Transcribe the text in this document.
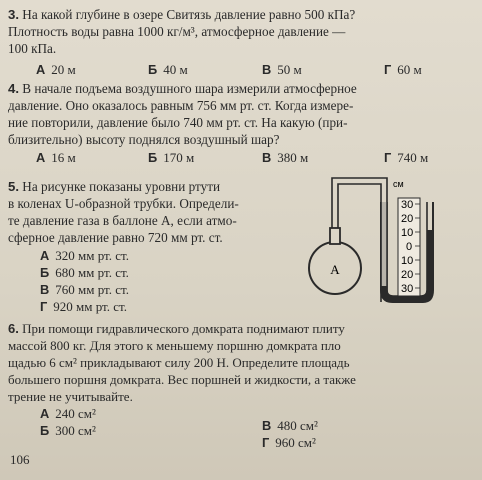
3. На какой глубине в озере Свитязь давление равно 500 кПа?
Плотность воды равна 1000 кг/м³, атмосферное давление —
100 кПа.
А 20 м	Б 40 м	В 50 м	Г 60 м
4. В начале подъема воздушного шара измерили атмосферное
давление. Оно оказалось равным 756 мм рт. ст. Когда измере-
ние повторили, давление было 740 мм рт. ст. На какую (при-
близительно) высоту поднялся воздушный шар?
А 16 м	Б 170 м	В 380 м	Г 740 м
5. На рисунке показаны уровни ртути
в коленах U-образной трубки. Определи-
те давление газа в баллоне А, если атмо-
сферное давление равно 720 мм рт. ст.
А 320 мм рт. ст.
Б 680 мм рт. ст.
В 760 мм рт. ст.
Г 920 мм рт. ст.
А
см
30
20
10
0
10
20
30
6. При помощи гидравлического домкрата поднимают плиту
массой 800 кг. Для этого к меньшему поршню домкрата пло
щадью 6 см² прикладывают силу 200 Н. Определите площадь
большего поршня домкрата. Вес поршней и жидкости, а также
трение не учитывайте.
А 240 см²
Б 300 см²	В 480 см²
Г 960 см²
106
